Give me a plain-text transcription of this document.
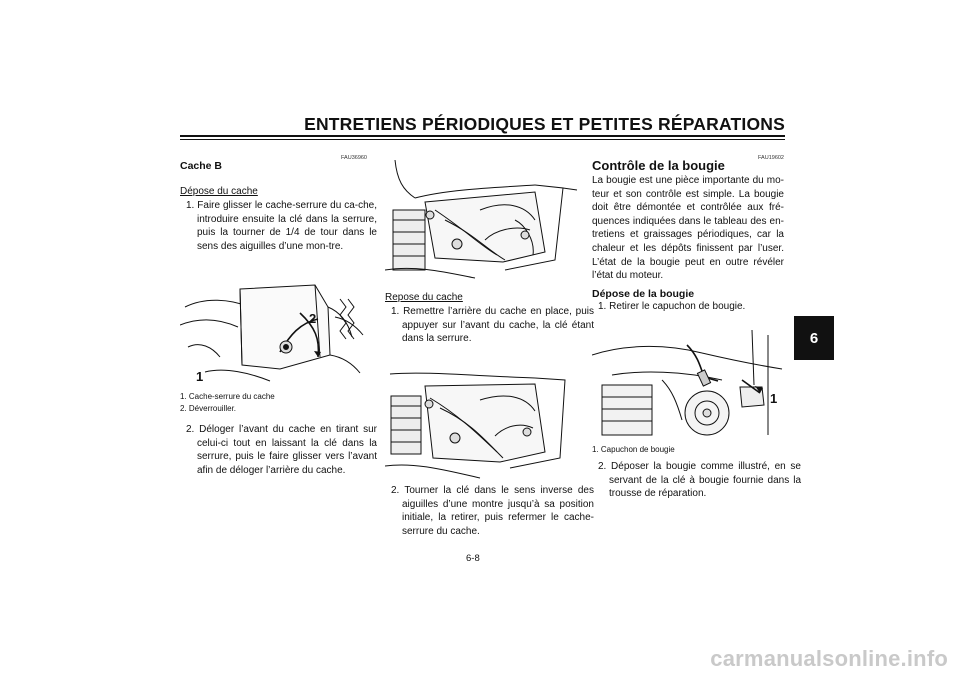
ENTRETIENS PÉRIODIQUES ET PETITES RÉPARATIONS
6
FAU36960
Cache B
Dépose du cache
1. Faire glisser le cache-serrure du ca-che, introduire ensuite la clé dans la serrure, puis la tourner de 1/4 de tour dans le sens des aiguilles d’une mon-tre.
1
2
1. Cache-serrure du cache
2. Déverrouiller.
2. Déloger l’avant du cache en tirant sur celui-ci tout en laissant la clé dans la serrure, puis le faire glisser vers l’avant afin de déloger l’arrière du cache.
Repose du cache
1. Remettre l’arrière du cache en place, puis appuyer sur l’avant du cache, la clé étant dans la serrure.
2. Tourner la clé dans le sens inverse des aiguilles d’une montre jusqu’à sa position initiale, la retirer, puis refermer le cache-serrure du cache.
FAU19602
Contrôle de la bougie
La bougie est une pièce importante du mo-teur et son contrôle est simple. La bougie doit être démontée et contrôlée aux fré-quences indiquées dans le tableau des en-tretiens et graissages périodiques, car la chaleur et les dépôts finissent par l’user. L’état de la bougie peut en outre révéler l’état du moteur.
Dépose de la bougie
1. Retirer le capuchon de bougie.
1
1. Capuchon de bougie
2. Déposer la bougie comme illustré, en se servant de la clé à bougie fournie dans la trousse de réparation.
6-8
carmanualsonline.info
